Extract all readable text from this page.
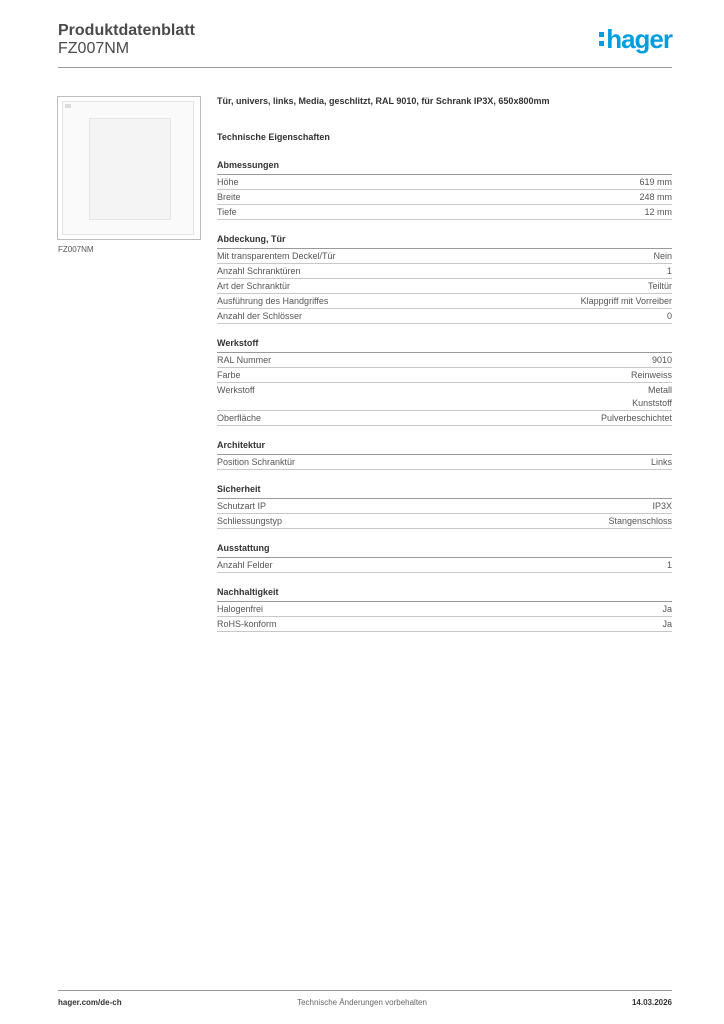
Produktdatenblatt
FZ007NM	hager
FZ007NM
Tür, univers, links, Media, geschlitzt, RAL 9010, für Schrank IP3X, 650x800mm
Technische Eigenschaften
Abmessungen
Höhe	619 mm
Breite	248 mm
Tiefe	12 mm
Abdeckung, Tür
Mit transparentem Deckel/Tür	Nein
Anzahl Schranktüren	1
Art der Schranktür	Teiltür
Ausführung des Handgriffes	Klappgriff mit Vorreiber
Anzahl der Schlösser	0
Werkstoff
RAL Nummer	9010
Farbe	Reinweiss
Werkstoff	Metall
Kunststoff
Oberfläche	Pulverbeschichtet
Architektur
Position Schranktür	Links
Sicherheit
Schutzart IP	IP3X
Schliessungstyp	Stangenschloss
Ausstattung
Anzahl Felder	1
Nachhaltigkeit
Halogenfrei	Ja
RoHS-konform	Ja
Technische Änderungen vorbehalten
hager.com/de-ch	14.03.2026
